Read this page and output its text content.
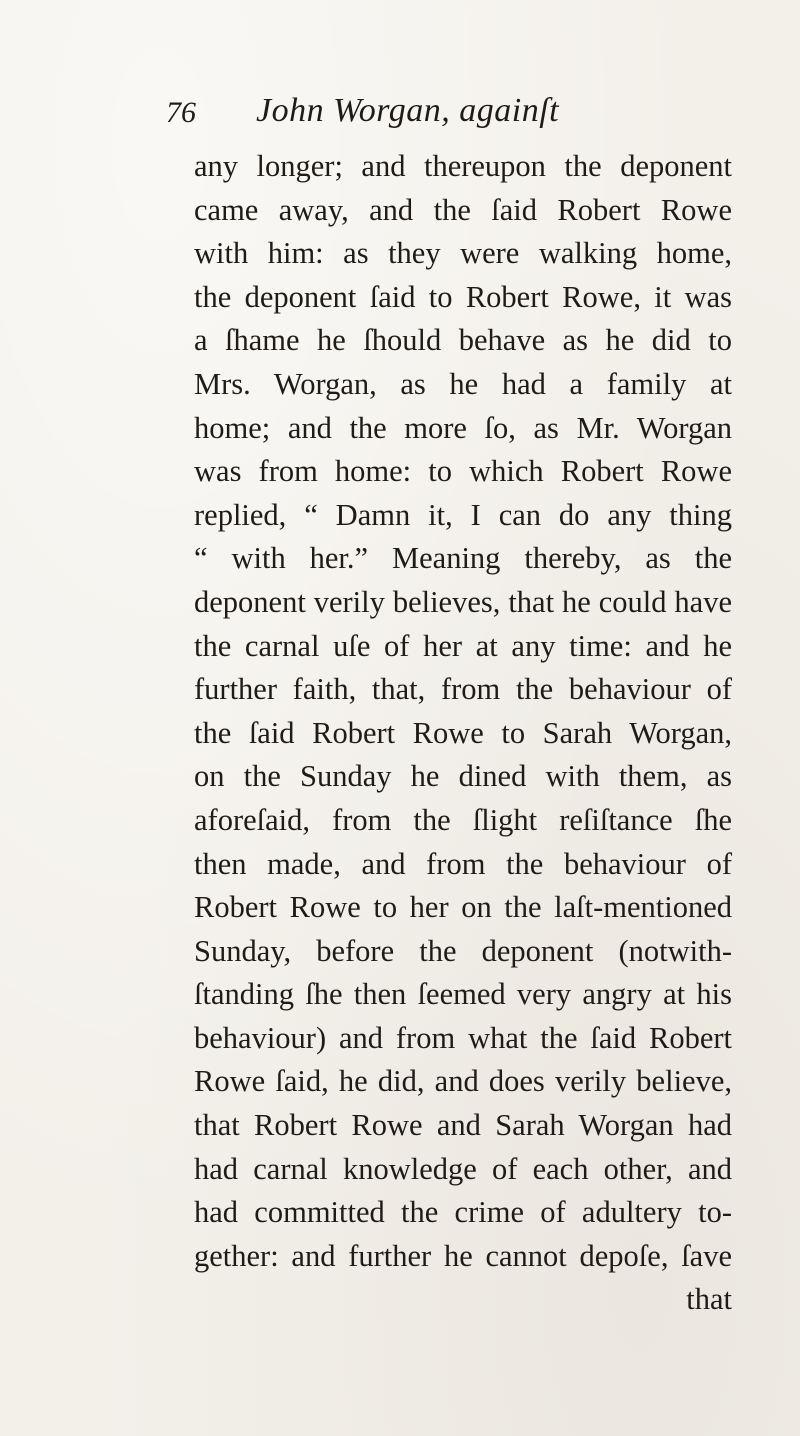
76 John Worgan, againſt
any longer; and thereupon the deponent
came away, and the ſaid Robert Rowe
with him: as they were walking home,
the deponent ſaid to Robert Rowe, it was
a ſhame he ſhould behave as he did to
Mrs. Worgan, as he had a family at
home; and the more ſo, as Mr. Worgan
was from home: to which Robert Rowe
replied, “ Damn it, I can do any thing
“ with her.” Meaning thereby, as the
deponent verily believes, that he could have
the carnal uſe of her at any time: and he
further faith, that, from the behaviour of
the ſaid Robert Rowe to Sarah Worgan,
on the Sunday he dined with them, as
aforeſaid, from the ſlight reſiſtance ſhe
then made, and from the behaviour of
Robert Rowe to her on the laſt-mentioned
Sunday, before the deponent (notwith-
ſtanding ſhe then ſeemed very angry at his
behaviour) and from what the ſaid Robert
Rowe ſaid, he did, and does verily believe,
that Robert Rowe and Sarah Worgan had
had carnal knowledge of each other, and
had committed the crime of adultery to-
gether: and further he cannot depoſe, ſave
that
